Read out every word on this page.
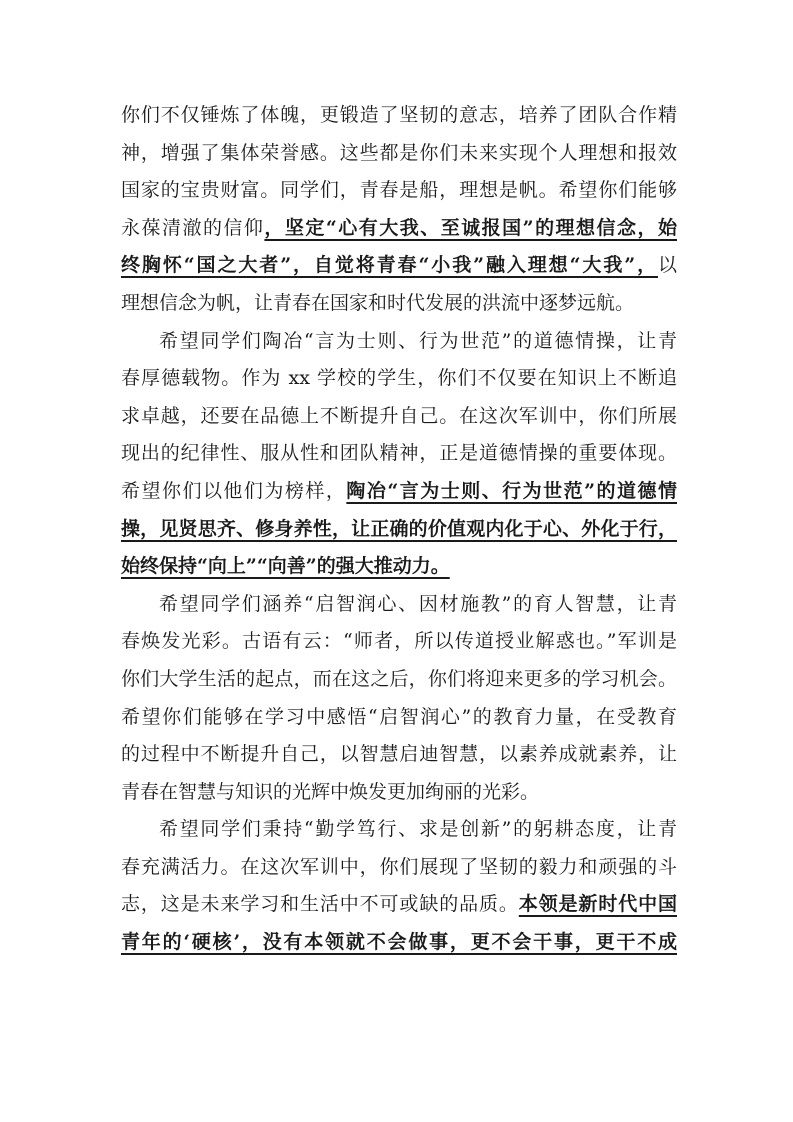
你们不仅锤炼了体魄，更锻造了坚韧的意志，培养了团队合作精
神，增强了集体荣誉感。这些都是你们未来实现个人理想和报效
国家的宝贵财富。同学们，青春是船，理想是帆。希望你们能够
永葆清澈的信仰，坚定“心有大我、至诚报国”的理想信念，始
终胸怀“国之大者”，自觉将青春“小我”融入理想“大我”，以
理想信念为帆，让青春在国家和时代发展的洪流中逐梦远航。
希望同学们陶冶“言为士则、行为世范”的道德情操，让青
春厚德载物。作为 xx 学校的学生，你们不仅要在知识上不断追
求卓越，还要在品德上不断提升自己。在这次军训中，你们所展
现出的纪律性、服从性和团队精神，正是道德情操的重要体现。
希望你们以他们为榜样，陶冶“言为士则、行为世范”的道德情
操，见贤思齐、修身养性，让正确的价值观内化于心、外化于行，
始终保持“向上”“向善”的强大推动力。
希望同学们涵养“启智润心、因材施教”的育人智慧，让青
春焕发光彩。古语有云：“师者，所以传道授业解惑也。”军训是
你们大学生活的起点，而在这之后，你们将迎来更多的学习机会。
希望你们能够在学习中感悟“启智润心”的教育力量，在受教育
的过程中不断提升自己，以智慧启迪智慧，以素养成就素养，让
青春在智慧与知识的光辉中焕发更加绚丽的光彩。
希望同学们秉持“勤学笃行、求是创新”的躬耕态度，让青
春充满活力。在这次军训中，你们展现了坚韧的毅力和顽强的斗
志，这是未来学习和生活中不可或缺的品质。本领是新时代中国
青年的‘硬核’，没有本领就不会做事，更不会干事，更干不成
